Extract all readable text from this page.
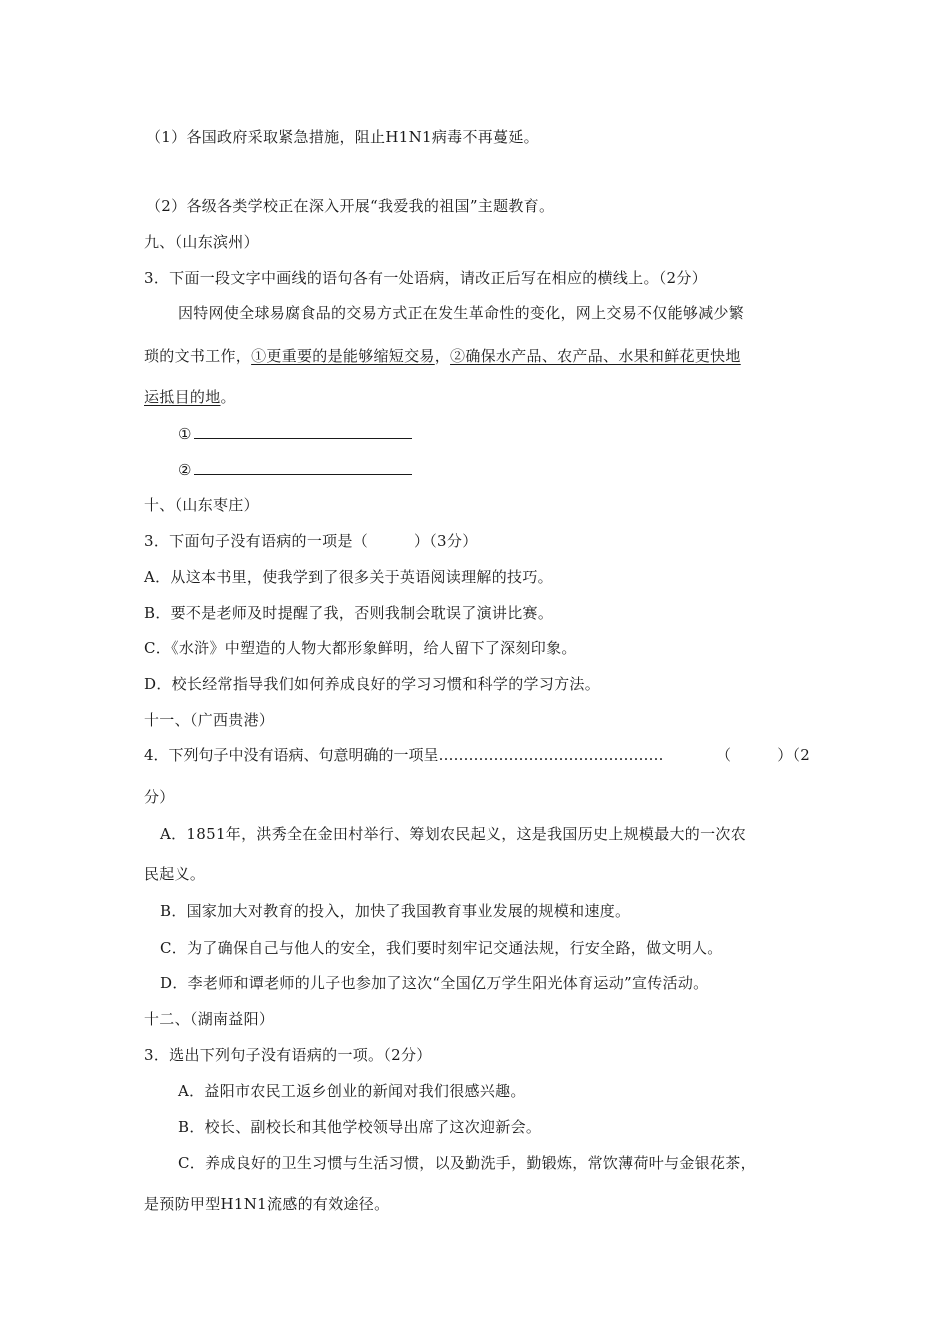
（1）各国政府采取紧急措施，阻止H1N1病毒不再蔓延。
（2）各级各类学校正在深入开展“我爱我的祖国”主题教育。
九、（山东滨州）
3．下面一段文字中画线的语句各有一处语病，请改正后写在相应的横线上。（2分）
因特网使全球易腐食品的交易方式正在发生革命性的变化，网上交易不仅能够减少繁
琐的文书工作，①更重要的是能够缩短交易，②确保水产品、农产品、水果和鲜花更快地
运抵目的地。
①
②
十、（山东枣庄）
3．下面句子没有语病的一项是（　　　）（3分）
A．从这本书里，使我学到了很多关于英语阅读理解的技巧。
B．要不是老师及时提醒了我，否则我制会耽误了演讲比赛。
C．《水浒》中塑造的人物大都形象鲜明，给人留下了深刻印象。
D．校长经常指导我们如何养成良好的学习习惯和科学的学习方法。
十一、（广西贵港）
4．下列句子中没有语病、句意明确的一项呈………………………………………	（　　　）（2
分）
A．1851年，洪秀全在金田村举行、筹划农民起义，这是我国历史上规模最大的一次农
民起义。
B．国家加大对教育的投入，加快了我国教育事业发展的规模和速度。
C．为了确保自己与他人的安全，我们要时刻牢记交通法规，行安全路，做文明人。
D．李老师和谭老师的儿子也参加了这次“全国亿万学生阳光体育运动”宣传活动。
十二、（湖南益阳）
3．选出下列句子没有语病的一项。（2分）
A．益阳市农民工返乡创业的新闻对我们很感兴趣。
B．校长、副校长和其他学校领导出席了这次迎新会。
C．养成良好的卫生习惯与生活习惯，以及勤洗手，勤锻炼，常饮薄荷叶与金银花茶，
是预防甲型H1N1流感的有效途径。
